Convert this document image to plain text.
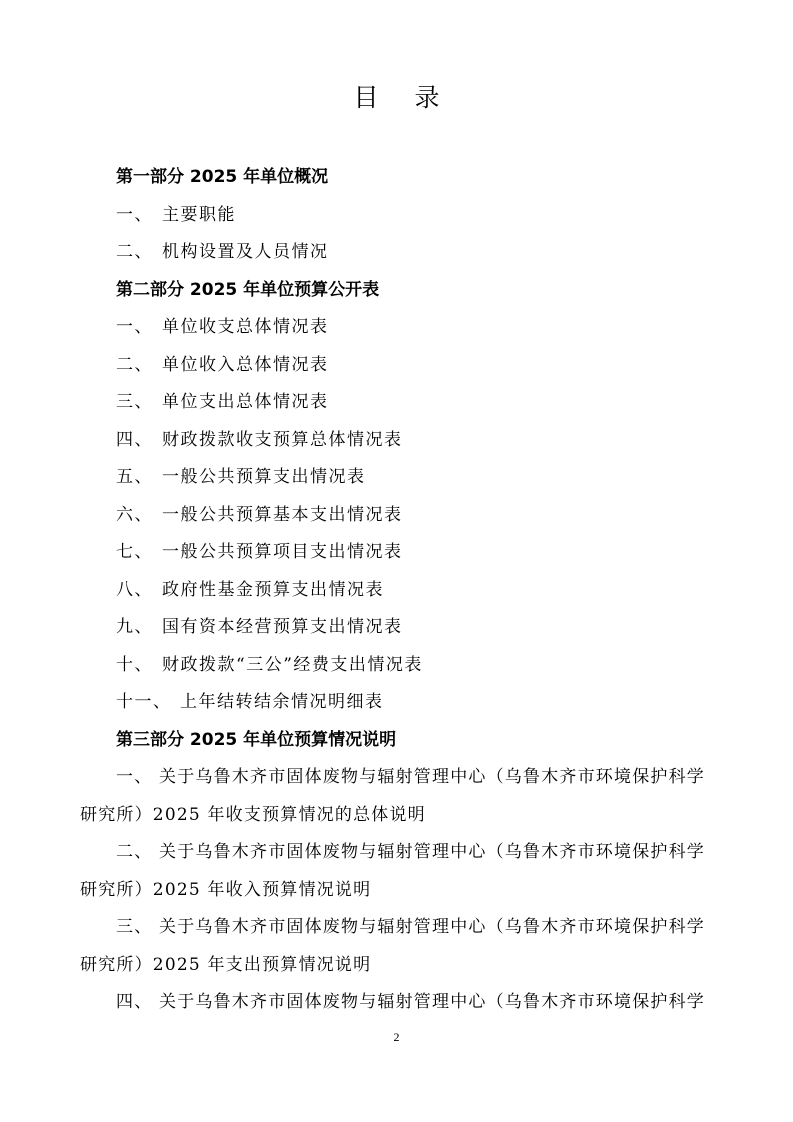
目 录
第一部分 2025 年单位概况
一、 主要职能
二、 机构设置及人员情况
第二部分 2025 年单位预算公开表
一、 单位收支总体情况表
二、 单位收入总体情况表
三、 单位支出总体情况表
四、 财政拨款收支预算总体情况表
五、 一般公共预算支出情况表
六、 一般公共预算基本支出情况表
七、 一般公共预算项目支出情况表
八、 政府性基金预算支出情况表
九、 国有资本经营预算支出情况表
十、 财政拨款“三公”经费支出情况表
十一、 上年结转结余情况明细表
第三部分 2025 年单位预算情况说明
一、 关于乌鲁木齐市固体废物与辐射管理中心（乌鲁木齐市环境保护科学
研究所）2025 年收支预算情况的总体说明
二、 关于乌鲁木齐市固体废物与辐射管理中心（乌鲁木齐市环境保护科学
研究所）2025 年收入预算情况说明
三、 关于乌鲁木齐市固体废物与辐射管理中心（乌鲁木齐市环境保护科学
研究所）2025 年支出预算情况说明
四、 关于乌鲁木齐市固体废物与辐射管理中心（乌鲁木齐市环境保护科学
2
